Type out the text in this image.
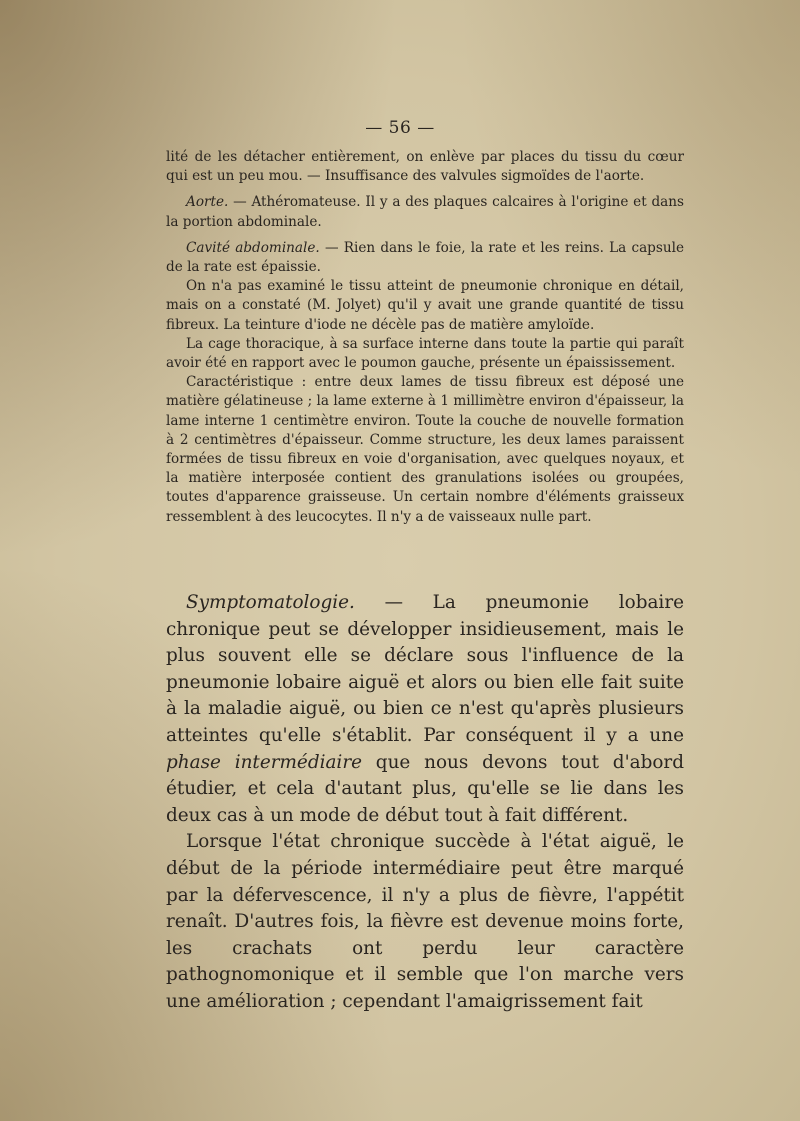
— 56 —

lité de les détacher entièrement, on enlève par places du tissu du cœur qui est un peu mou. — Insuffisance des valvules sigmoïdes de l'aorte.

Aorte. — Athéromateuse. Il y a des plaques calcaires à l'origine et dans la portion abdominale.

Cavité abdominale. — Rien dans le foie, la rate et les reins. La capsule de la rate est épaissie.

On n'a pas examiné le tissu atteint de pneumonie chronique en détail, mais on a constaté (M. Jolyet) qu'il y avait une grande quantité de tissu fibreux. La teinture d'iode ne décèle pas de matière amyloïde.

La cage thoracique, à sa surface interne dans toute la partie qui paraît avoir été en rapport avec le poumon gauche, présente un épaississement.

Caractéristique : entre deux lames de tissu fibreux est déposé une matière gélatineuse ; la lame externe à 1 millimètre environ d'épaisseur, la lame interne 1 centimètre environ. Toute la couche de nouvelle formation à 2 centimètres d'épaisseur. Comme structure, les deux lames paraissent formées de tissu fibreux en voie d'organisation, avec quelques noyaux, et la matière interposée contient des granulations isolées ou groupées, toutes d'apparence graisseuse. Un certain nombre d'éléments graisseux ressemblent à des leucocytes. Il n'y a de vaisseaux nulle part.

Symptomatologie. — La pneumonie lobaire chronique peut se développer insidieusement, mais le plus souvent elle se déclare sous l'influence de la pneumonie lobaire aiguë et alors ou bien elle fait suite à la maladie aiguë, ou bien ce n'est qu'après plusieurs atteintes qu'elle s'établit. Par conséquent il y a une phase intermédiaire que nous devons tout d'abord étudier, et cela d'autant plus, qu'elle se lie dans les deux cas à un mode de début tout à fait différent.

Lorsque l'état chronique succède à l'état aiguë, le début de la période intermédiaire peut être marqué par la défervescence, il n'y a plus de fièvre, l'appétit renaît. D'autres fois, la fièvre est devenue moins forte, les crachats ont perdu leur caractère pathognomonique et il semble que l'on marche vers une amélioration ; cependant l'amaigrissement fait
